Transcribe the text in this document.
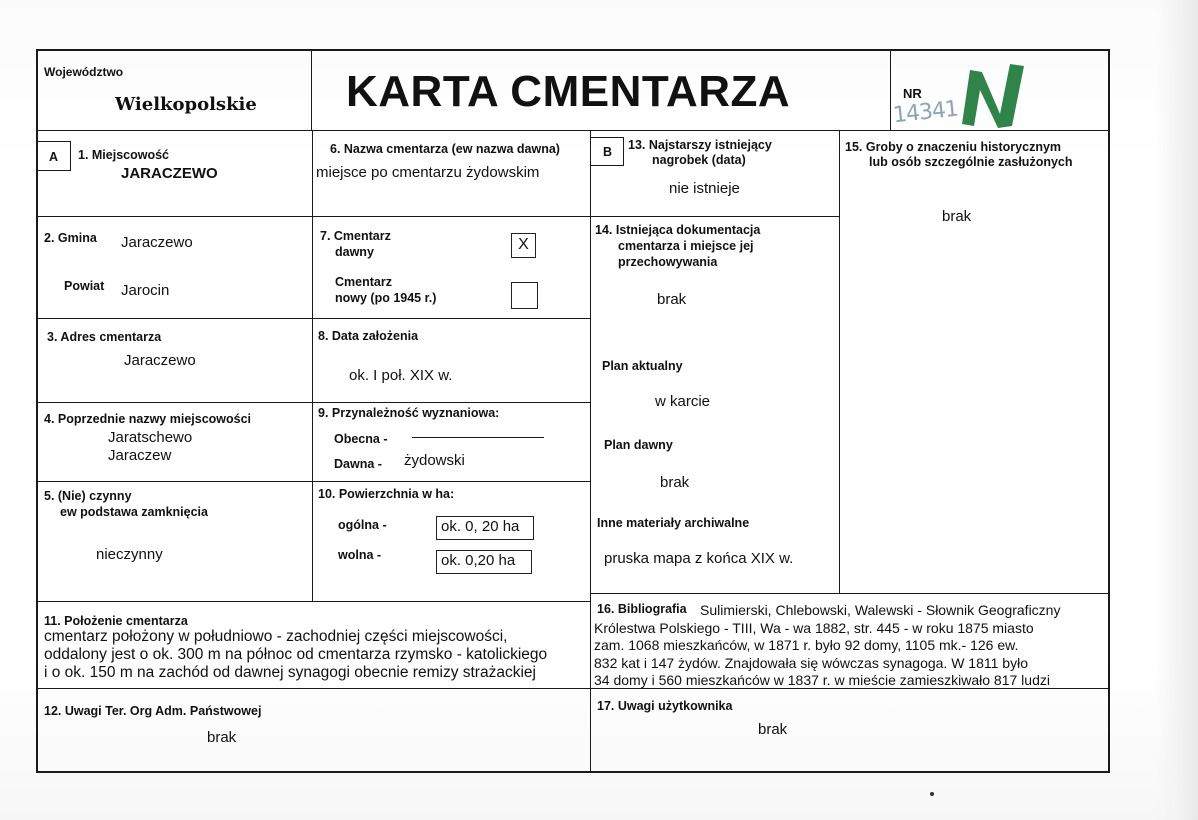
A	B
Województwo
Wielkopolskie KARTA CMENTARZA	NR
14341
1. Miejscowość
JARACZEWO
2. Gmina Jaraczewo
Powiat Jarocin
3. Adres cmentarza
Jaraczewo
4. Poprzednie nazwy miejscowości
Jaratschewo
Jaraczew
5. (Nie) czynny
ew podstawa zamknięcia
nieczynny
6. Nazwa cmentarza (ew nazwa dawna)
miejsce po cmentarzu żydowskim
7. Cmentarz
dawny	X
Cmentarz
nowy (po 1945 r.)
8. Data założenia
ok. I poł. XIX w.
9. Przynależność wyznaniowa:
Obecna -
Dawna - żydowski
10. Powierzchnia w ha:
ogólna -	ok. 0, 20 ha
wolna -	ok. 0,20 ha
13. Najstarszy istniejący
nagrobek (data)
nie istnieje
14. Istniejąca dokumentacja
cmentarza i miejsce jej
przechowywania
brak
Plan aktualny
w karcie
Plan dawny
brak
Inne materiały archiwalne
pruska mapa z końca XIX w.
15. Groby o znaczeniu historycznym
lub osób szczególnie zasłużonych
brak
11. Położenie cmentarza
cmentarz położony w południowo - zachodniej części miejscowości,
oddalony jest o ok. 300 m na północ od cmentarza rzymsko - katolickiego
i o ok. 150 m na zachód od dawnej synagogi obecnie remizy strażackiej
16. Bibliografia Sulimierski, Chlebowski, Walewski - Słownik Geograficzny
Królestwa Polskiego - TIII, Wa - wa 1882, str. 445 - w roku 1875 miasto
zam. 1068 mieszkańców, w 1871 r. było 92 domy, 1105 mk.- 126 ew.
832 kat i 147 żydów. Znajdowała się wówczas synagoga. W 1811 było
34 domy i 560 mieszkańców w 1837 r. w mieście zamieszkiwało 817 ludzi
12. Uwagi Ter. Org Adm. Państwowej
brak
17. Uwagi użytkownika
brak
